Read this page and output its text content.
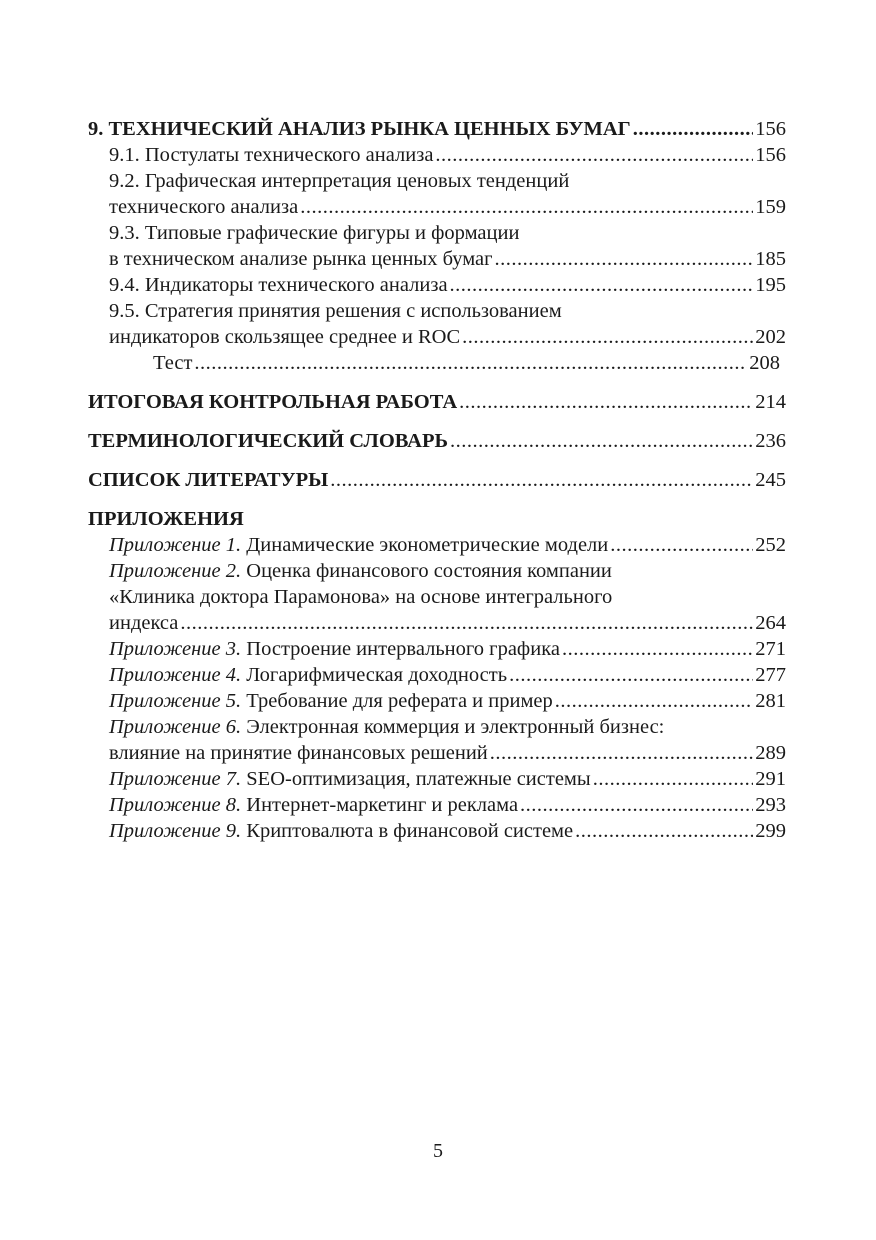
9. ТЕХНИЧЕСКИЙ АНАЛИЗ РЫНКА ЦЕННЫХ БУМАГ .....	156
9.1. Постулаты технического анализа .....	156
9.2. Графическая интерпретация ценовых тенденций
технического анализа .....	159
9.3. Типовые графические фигуры и формации
в техническом анализе рынка ценных бумаг .....	185
9.4. Индикаторы технического анализа .....	195
9.5. Стратегия принятия решения с использованием
индикаторов скользящее среднее и ROC .....	202
Тест .....	208
ИТОГОВАЯ КОНТРОЛЬНАЯ РАБОТА .....	214
ТЕРМИНОЛОГИЧЕСКИЙ СЛОВАРЬ .....	236
СПИСОК ЛИТЕРАТУРЫ .....	245
ПРИЛОЖЕНИЯ
Приложение 1. Динамические эконометрические модели .....	252
Приложение 2. Оценка финансового состояния компании
«Клиника доктора Парамонова» на основе интегрального
индекса .....	264
Приложение 3. Построение интервального графика .....	271
Приложение 4. Логарифмическая доходность .....	277
Приложение 5. Требование для реферата и пример .....	281
Приложение 6. Электронная коммерция и электронный бизнес:
влияние на принятие финансовых решений .....	289
Приложение 7. SEO-оптимизация, платежные системы .....	291
Приложение 8. Интернет-маркетинг и реклама .....	293
Приложение 9. Криптовалюта в финансовой системе .....	299
5
